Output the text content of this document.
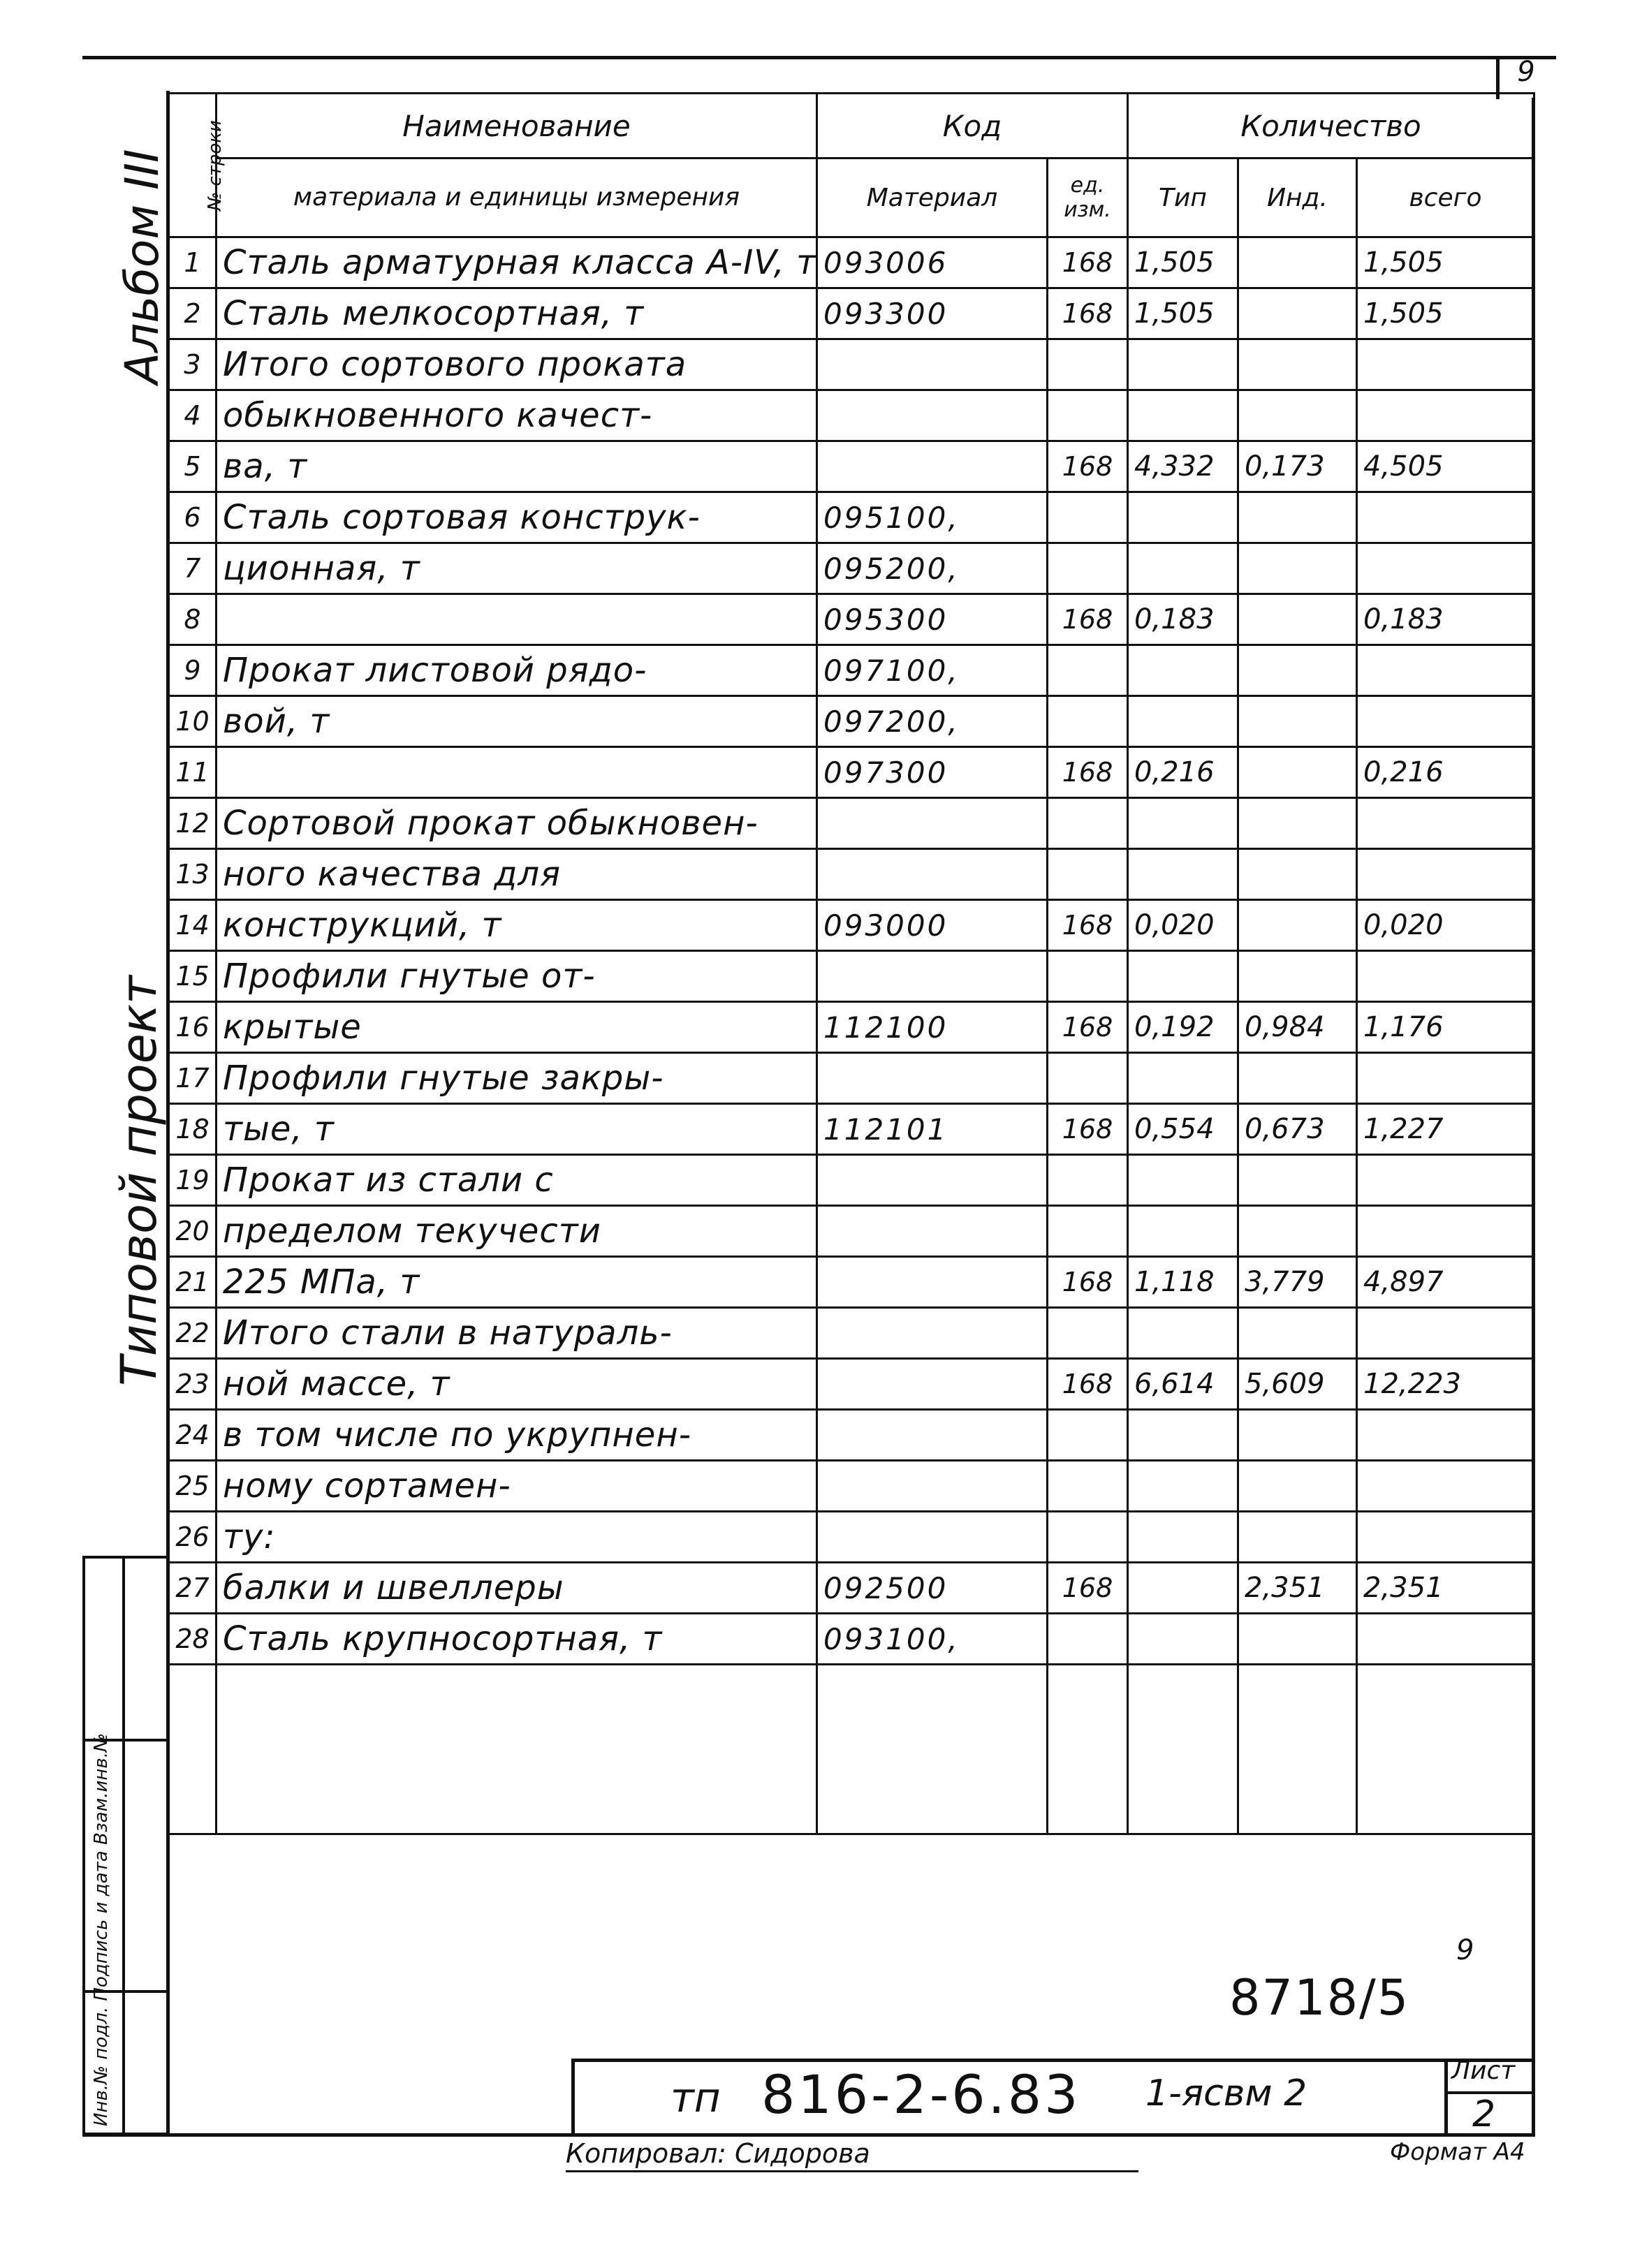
9
Альбом III
Типовой проект
Инв.№ подл. Подпись и дата Взам.инв.№
№ строки	Наименование	Код		Количество		
	материала и единицы измерения	Материал	ед. изм.	Тип	Инд.	всего
1	Сталь арматурная класса А-IV, т	093006	168	1,505		1,505
2	Сталь мелкосортная, т	093300	168	1,505		1,505
3	Итого сортового проката					
4	обыкновенного качест-					
5	ва, т		168	4,332	0,173	4,505
6	Сталь сортовая конструк-	095100,				
7	ционная, т	095200,				
8		095300	168	0,183		0,183
9	Прокат листовой рядо-	097100,				
10	вой, т	097200,				
11		097300	168	0,216		0,216
12	Сортовой прокат обыкновен-					
13	ного качества для					
14	конструкций, т	093000	168	0,020		0,020
15	Профили гнутые от-					
16	крытые	112100	168	0,192	0,984	1,176
17	Профили гнутые закры-					
18	тые, т	112101	168	0,554	0,673	1,227
19	Прокат из стали с					
20	пределом текучести					
21	225 МПа, т		168	1,118	3,779	4,897
22	Итого стали в натураль-					
23	ной массе, т		168	6,614	5,609	12,223
24	в том числе по укрупнен-					
25	ному сортамен-					
26	ту:					
27	балки и швеллеры	092500	168		2,351	2,351
28	Сталь крупносортная, т	093100,				

8718/5
9
тп 816-2-6.83 1-ясвм 2
Лист
2
Копировал: Сидорова	Формат А4
